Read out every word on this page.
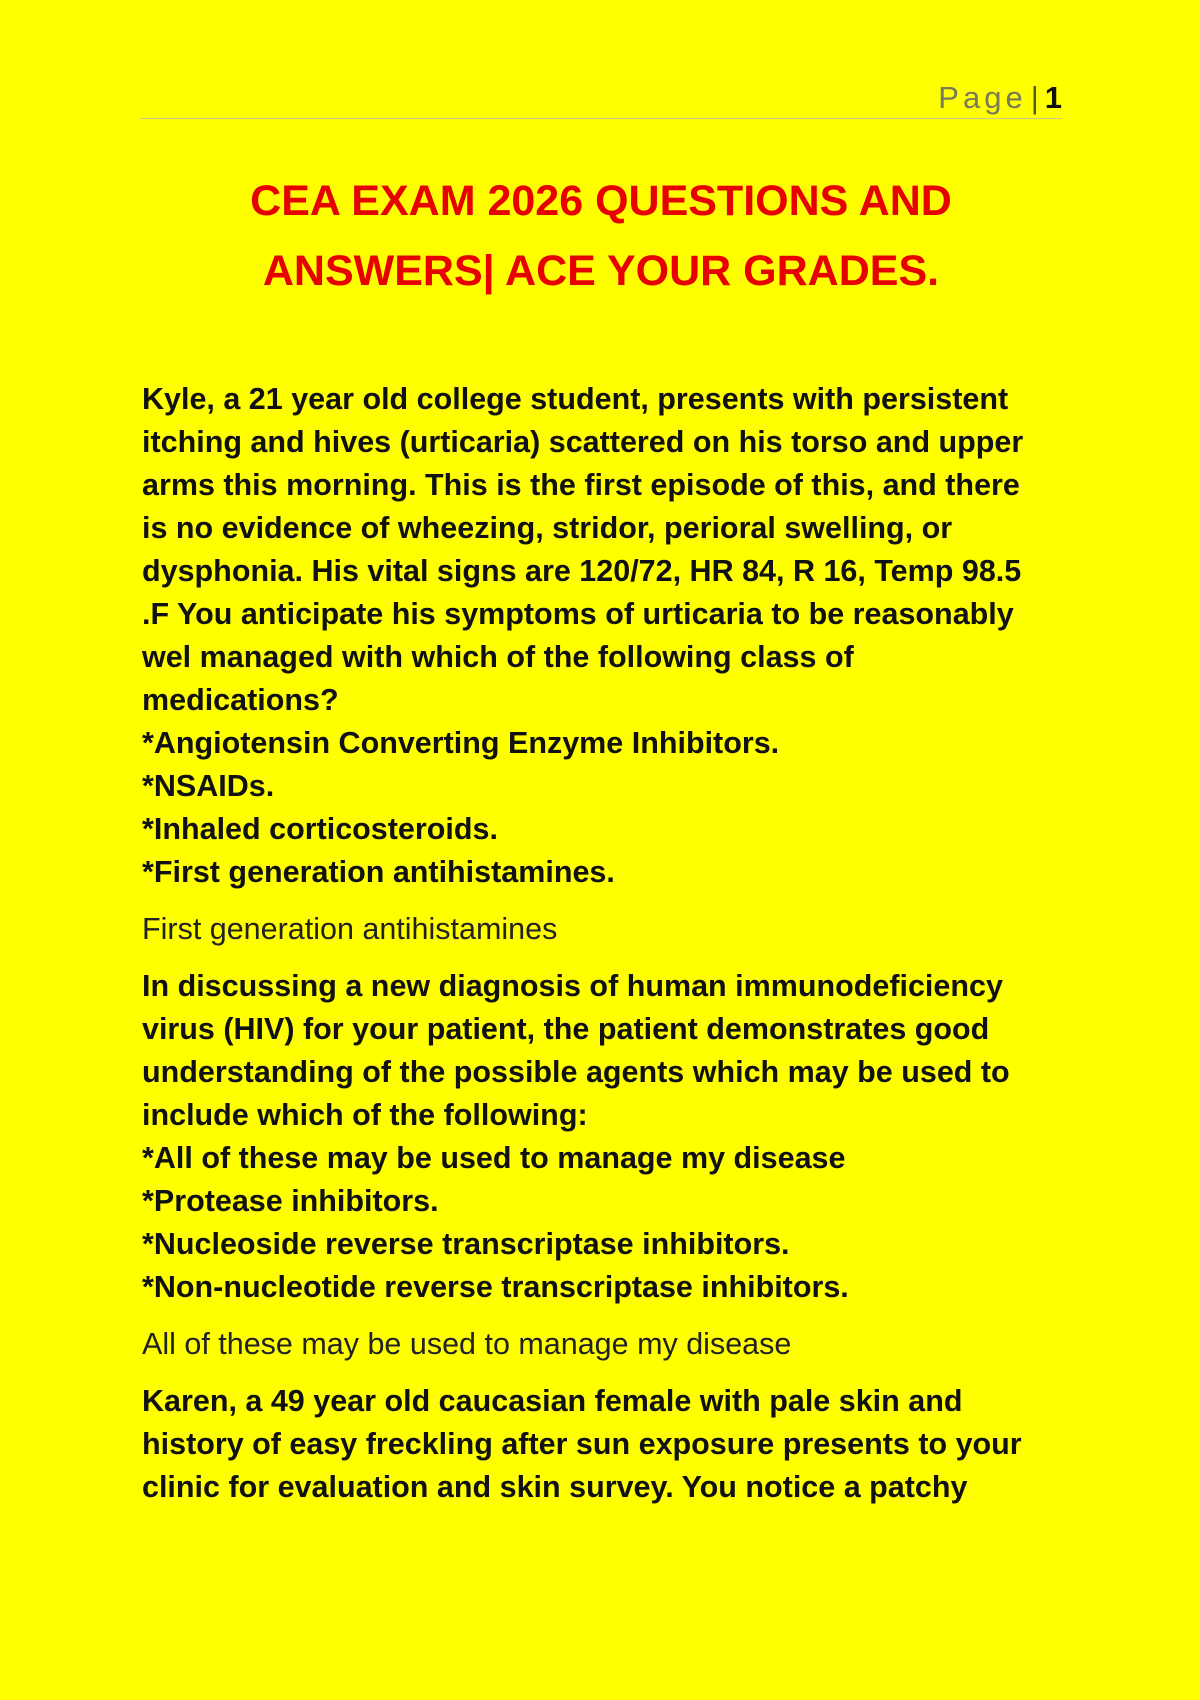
Page |1
CEA EXAM 2026 QUESTIONS AND
ANSWERS| ACE YOUR GRADES.
Kyle, a 21 year old college student, presents with persistent
itching and hives (urticaria) scattered on his torso and upper
arms this morning. This is the first episode of this, and there
is no evidence of wheezing, stridor, perioral swelling, or
dysphonia. His vital signs are 120/72, HR 84, R 16, Temp 98.5
.F You anticipate his symptoms of urticaria to be reasonably
wel managed with which of the following class of
medications?
*Angiotensin Converting Enzyme Inhibitors.
*NSAIDs.
*Inhaled corticosteroids.
*First generation antihistamines.
First generation antihistamines
In discussing a new diagnosis of human immunodeficiency
virus (HIV) for your patient, the patient demonstrates good
understanding of the possible agents which may be used to
include which of the following:
*All of these may be used to manage my disease
*Protease inhibitors.
*Nucleoside reverse transcriptase inhibitors.
*Non-nucleotide reverse transcriptase inhibitors.
All of these may be used to manage my disease
Karen, a 49 year old caucasian female with pale skin and
history of easy freckling after sun exposure presents to your
clinic for evaluation and skin survey. You notice a patchy
